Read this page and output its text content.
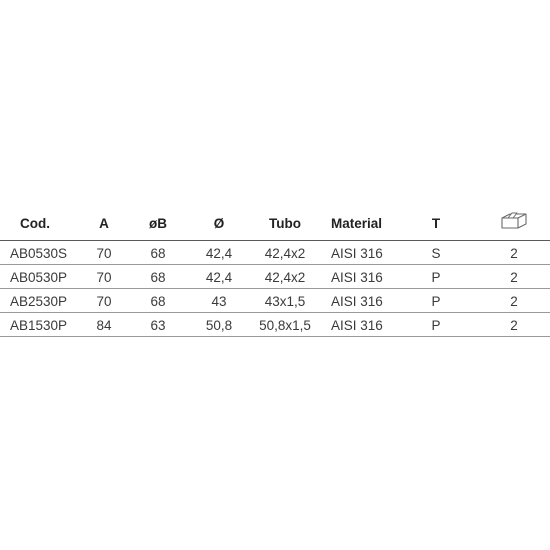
Cod.	A	øB	Ø	Tubo	Material	T
AB0530S	70	68	42,4	42,4x2	AISI 316	S	2
AB0530P	70	68	42,4	42,4x2	AISI 316	P	2
AB2530P	70	68	43	43x1,5	AISI 316	P	2
AB1530P	84	63	50,8	50,8x1,5	AISI 316	P	2
